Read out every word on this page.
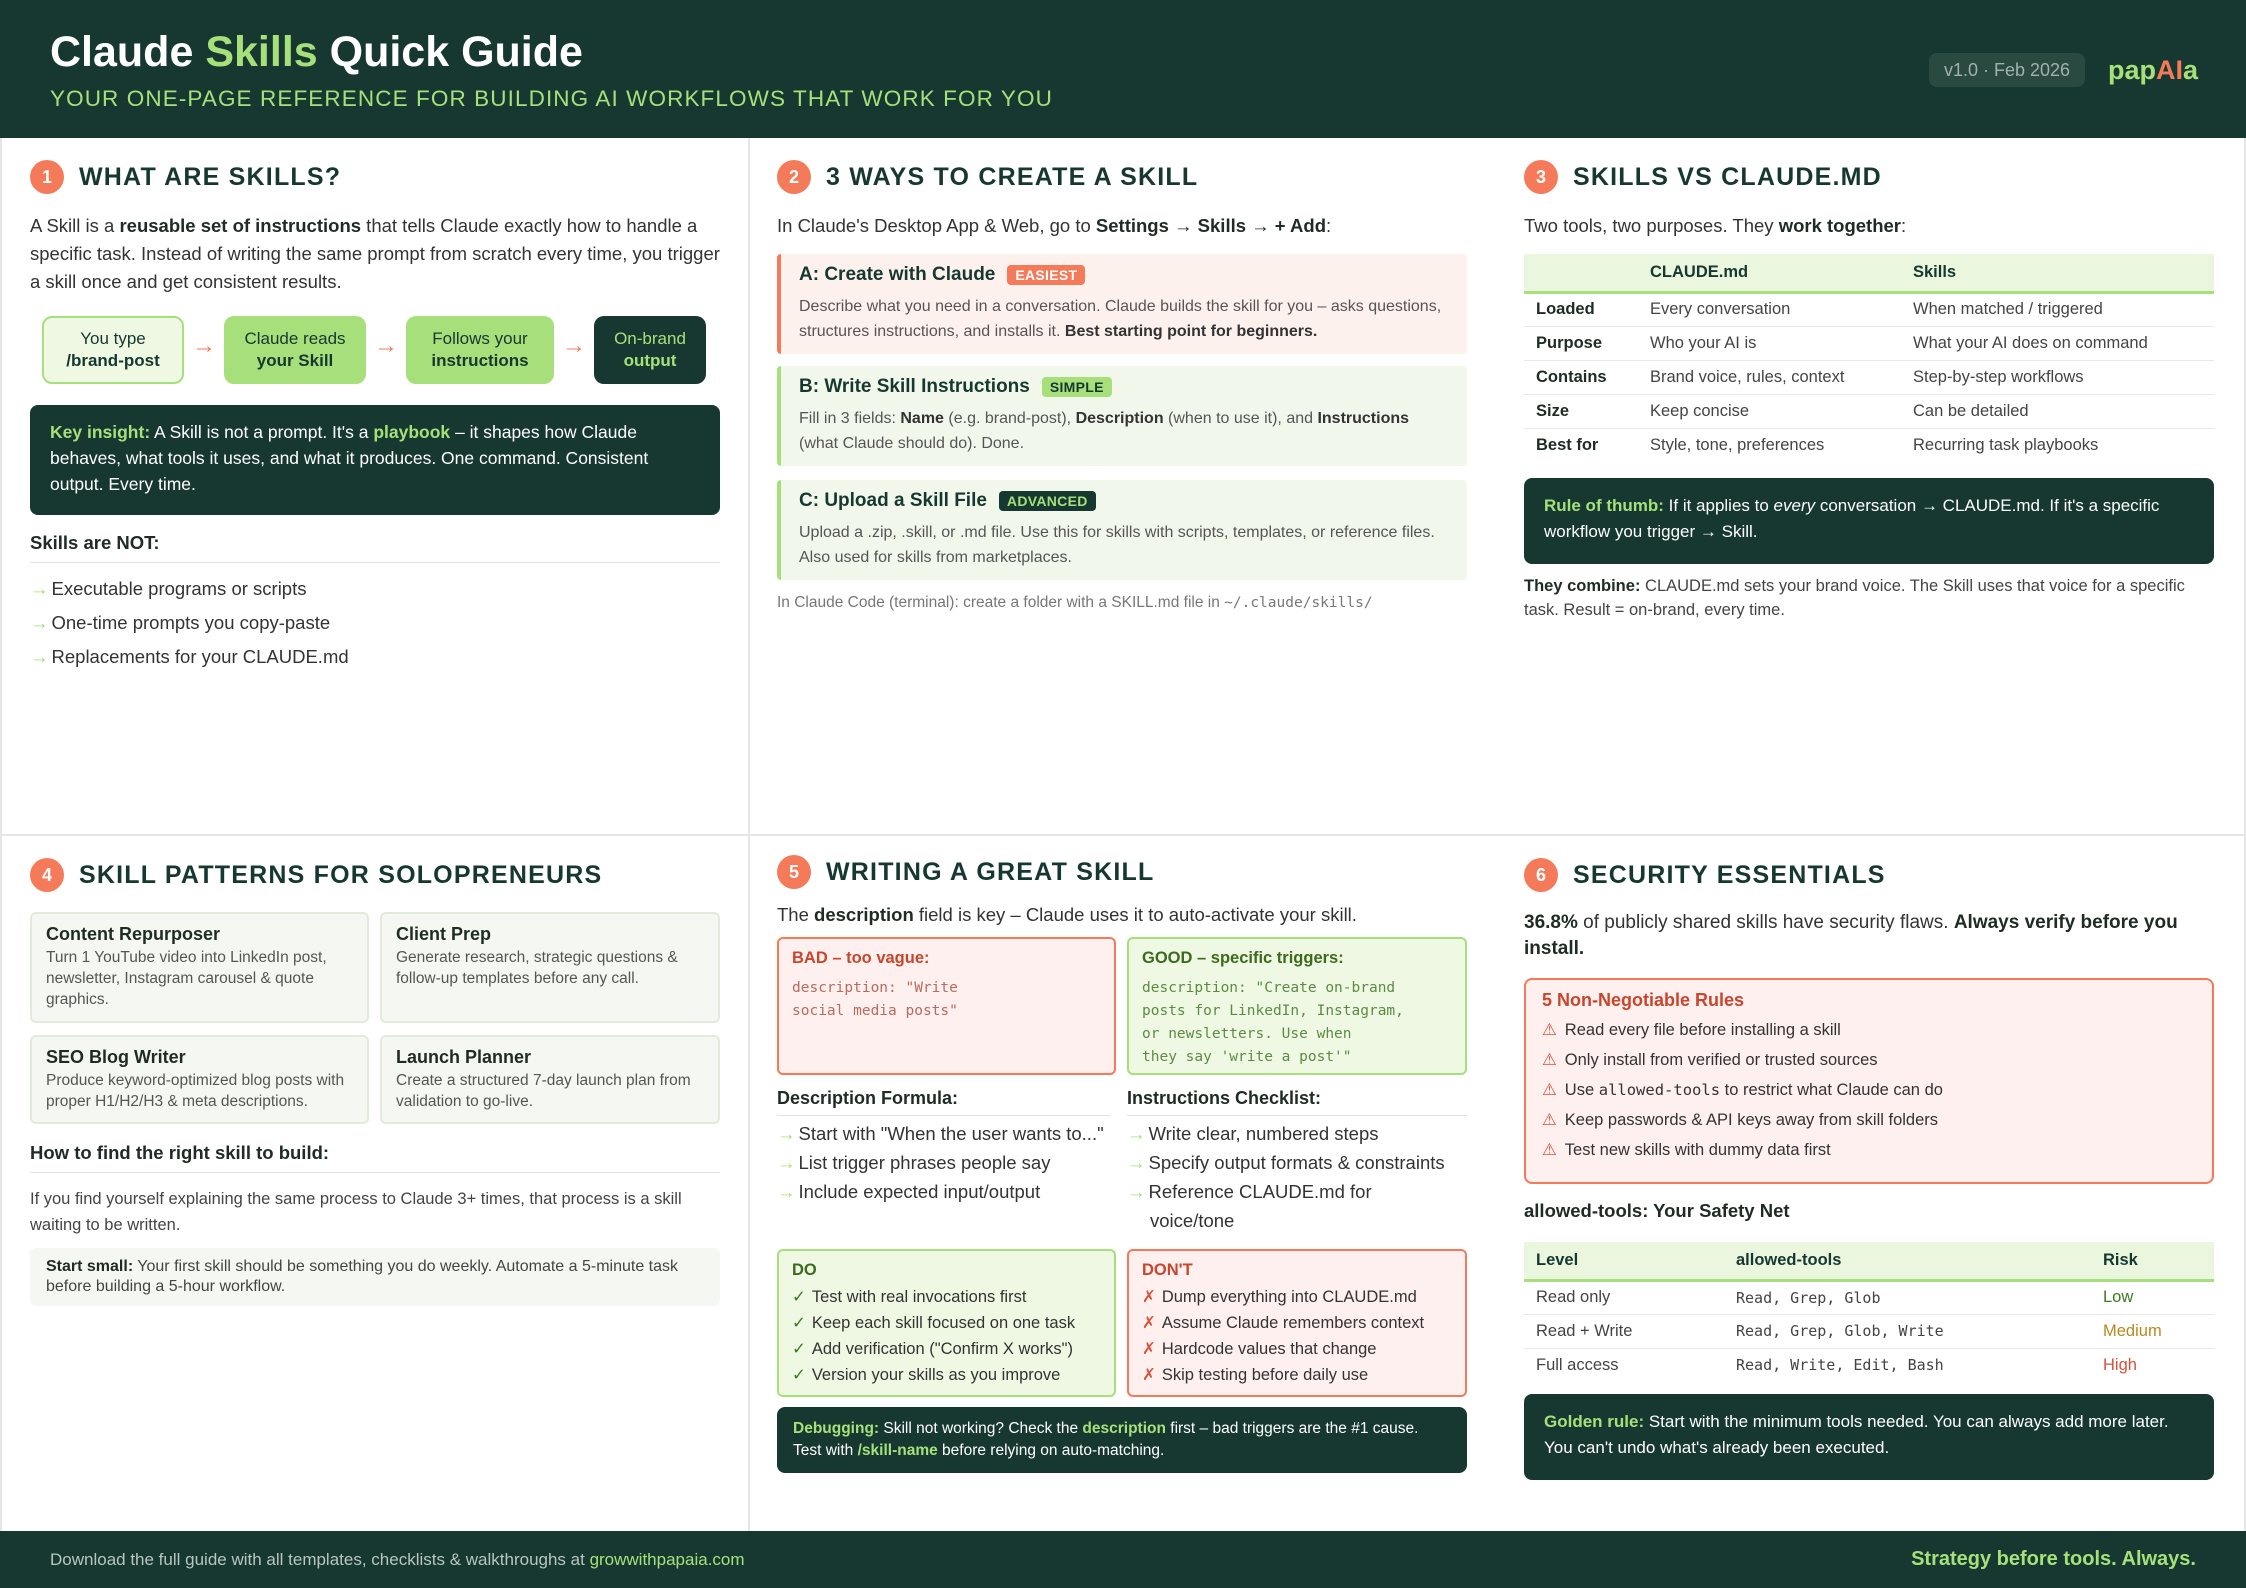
Claude Skills Quick Guide
YOUR ONE-PAGE REFERENCE FOR BUILDING AI WORKFLOWS THAT WORK FOR YOU
v1.0 · Feb 2026	papAIa
1	WHAT ARE SKILLS?
A Skill is a reusable set of instructions that tells Claude exactly how to handle a specific task. Instead of writing the same prompt from scratch every time, you trigger a skill once and get consistent results.
You type
/brand-post
→ Claude reads
your Skill
→ Follows your
instructions
→ On-brand
output
Key insight: A Skill is not a prompt. It's a playbook – it shapes how Claude behaves, what tools it uses, and what it produces. One command. Consistent output. Every time.
Skills are NOT:
→ Executable programs or scripts
→ One-time prompts you copy-paste
→ Replacements for your CLAUDE.md
2	3 WAYS TO CREATE A SKILL
In Claude's Desktop App & Web, go to Settings → Skills → + Add:
A: Create with Claude	EASIEST
Describe what you need in a conversation. Claude builds the skill for you – asks questions, structures instructions, and installs it. Best starting point for beginners.
B: Write Skill Instructions	SIMPLE
Fill in 3 fields: Name (e.g. brand-post), Description (when to use it), and Instructions (what Claude should do). Done.
C: Upload a Skill File	ADVANCED
Upload a .zip, .skill, or .md file. Use this for skills with scripts, templates, or reference files. Also used for skills from marketplaces.
In Claude Code (terminal): create a folder with a SKILL.md file in ~/.claude/skills/
3	SKILLS VS CLAUDE.MD
Two tools, two purposes. They work together:
	CLAUDE.md	Skills
Loaded	Every conversation	When matched / triggered
Purpose	Who your AI is	What your AI does on command
Contains	Brand voice, rules, context	Step-by-step workflows
Size	Keep concise	Can be detailed
Best for	Style, tone, preferences	Recurring task playbooks
Rule of thumb: If it applies to every conversation → CLAUDE.md. If it's a specific workflow you trigger → Skill.
They combine: CLAUDE.md sets your brand voice. The Skill uses that voice for a specific task. Result = on-brand, every time.
4	SKILL PATTERNS FOR SOLOPRENEURS
Content Repurposer
Turn 1 YouTube video into LinkedIn post, newsletter, Instagram carousel & quote graphics.
Client Prep
Generate research, strategic questions & follow-up templates before any call.
SEO Blog Writer
Produce keyword-optimized blog posts with proper H1/H2/H3 & meta descriptions.
Launch Planner
Create a structured 7-day launch plan from validation to go-live.
How to find the right skill to build:
If you find yourself explaining the same process to Claude 3+ times, that process is a skill waiting to be written.
Start small: Your first skill should be something you do weekly. Automate a 5-minute task before building a 5-hour workflow.
5	WRITING A GREAT SKILL
The description field is key – Claude uses it to auto-activate your skill.
BAD – too vague:
description: "Write
social media posts"
GOOD – specific triggers:
description: "Create on-brand
posts for LinkedIn, Instagram,
or newsletters. Use when
they say 'write a post'"
Description Formula:
→ Start with "When the user wants to..."
→ List trigger phrases people say
→ Include expected input/output
Instructions Checklist:
→ Write clear, numbered steps
→ Specify output formats & constraints
→ Reference CLAUDE.md for
voice/tone
DO
✓ Test with real invocations first
✓ Keep each skill focused on one task
✓ Add verification ("Confirm X works")
✓ Version your skills as you improve
DON'T
✗ Dump everything into CLAUDE.md
✗ Assume Claude remembers context
✗ Hardcode values that change
✗ Skip testing before daily use
Debugging: Skill not working? Check the description first – bad triggers are the #1 cause.
Test with /skill-name before relying on auto-matching.
6	SECURITY ESSENTIALS
36.8% of publicly shared skills have security flaws. Always verify before you install.
5 Non-Negotiable Rules
⚠ Read every file before installing a skill
⚠ Only install from verified or trusted sources
⚠ Use allowed-tools to restrict what Claude can do
⚠ Keep passwords & API keys away from skill folders
⚠ Test new skills with dummy data first
allowed-tools: Your Safety Net
Level	allowed-tools	Risk
Read only	Read, Grep, Glob	Low
Read + Write	Read, Grep, Glob, Write	Medium
Full access	Read, Write, Edit, Bash	High
Golden rule: Start with the minimum tools needed. You can always add more later. You can't undo what's already been executed.
Download the full guide with all templates, checklists & walkthroughs at growwithpapaia.com	Strategy before tools. Always.
